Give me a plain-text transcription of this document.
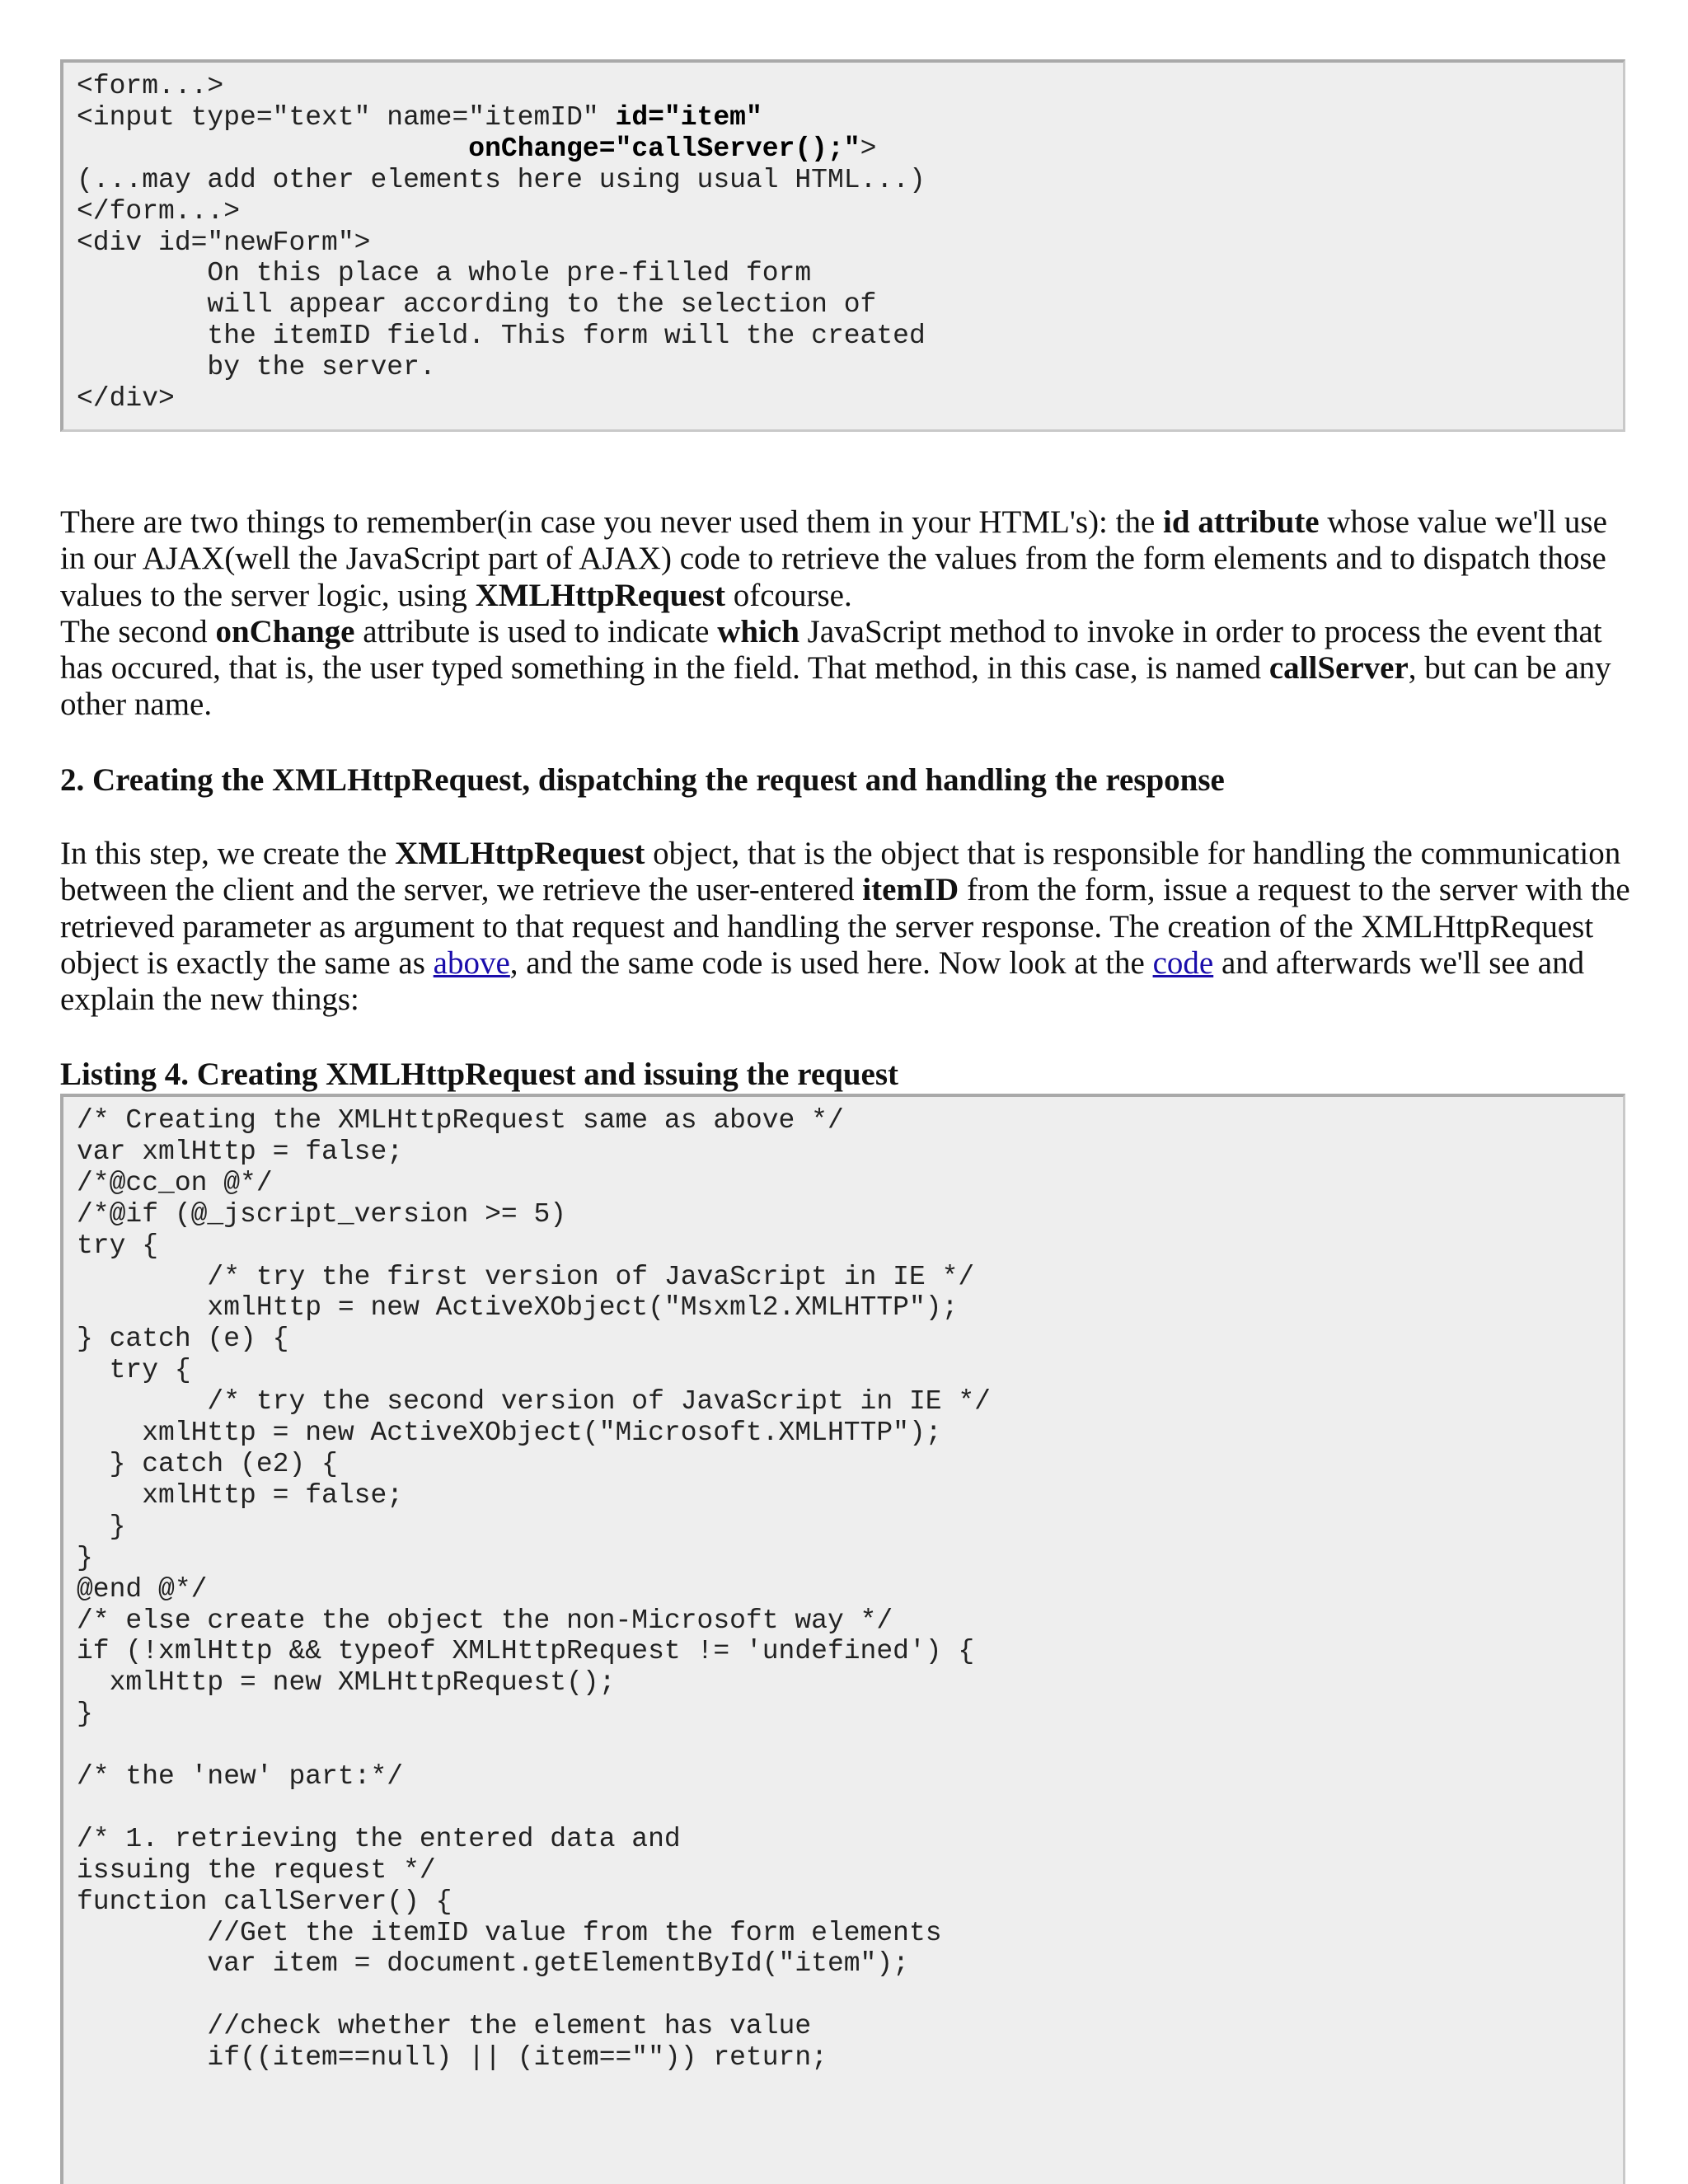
<form...>
<input type="text" name="itemID" id="item"
onChange="callServer();">
(...may add other elements here using usual HTML...)
</form...>
<div id="newForm">
On this place a whole pre-filled form
will appear according to the selection of
the itemID field. This form will the created
by the server.
</div>

There are two things to remember(in case you never used them in your HTML's): the id attribute whose value we'll use in our AJAX(well the JavaScript part of AJAX) code to retrieve the values from the form elements and to dispatch those values to the server logic, using XMLHttpRequest ofcourse.
The second onChange attribute is used to indicate which JavaScript method to invoke in order to process the event that has occured, that is, the user typed something in the field. That method, in this case, is named callServer, but can be any other name.

2. Creating the XMLHttpRequest, dispatching the request and handling the response

In this step, we create the XMLHttpRequest object, that is the object that is responsible for handling the communication between the client and the server, we retrieve the user-entered itemID from the form, issue a request to the server with the retrieved parameter as argument to that request and handling the server response. The creation of the XMLHttpRequest object is exactly the same as above, and the same code is used here. Now look at the code and afterwards we'll see and explain the new things:

Listing 4. Creating XMLHttpRequest and issuing the request
/* Creating the XMLHttpRequest same as above */
var xmlHttp = false;
/*@cc_on @*/
/*@if (@_jscript_version >= 5)
try {
/* try the first version of JavaScript in IE */
xmlHttp = new ActiveXObject("Msxml2.XMLHTTP");
} catch (e) {
try {
/* try the second version of JavaScript in IE */
xmlHttp = new ActiveXObject("Microsoft.XMLHTTP");
} catch (e2) {
xmlHttp = false;
}
}
@end @*/
/* else create the object the non-Microsoft way */
if (!xmlHttp && typeof XMLHttpRequest != 'undefined') {
xmlHttp = new XMLHttpRequest();
}

/* the 'new' part:*/

/* 1. retrieving the entered data and
issuing the request */
function callServer() {
//Get the itemID value from the form elements
var item = document.getElementById("item");

//check whether the element has value
if((item==null) || (item=="")) return;
